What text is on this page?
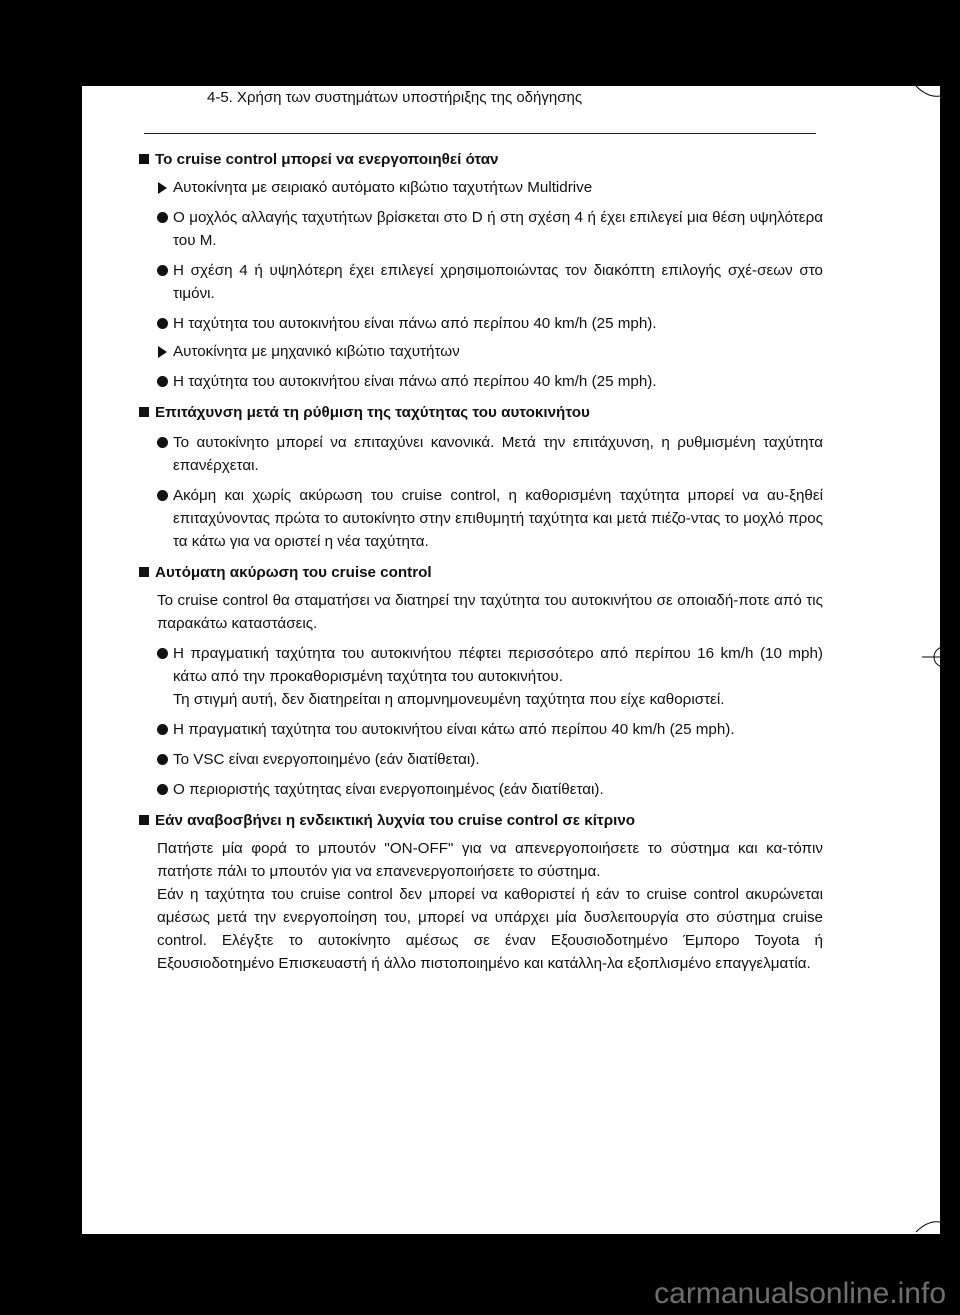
4-5. Χρήση των συστημάτων υποστήριξης της οδήγησης
Το cruise control μπορεί να ενεργοποιηθεί όταν
Αυτοκίνητα με σειριακό αυτόματο κιβώτιο ταχυτήτων Multidrive
Ο μοχλός αλλαγής ταχυτήτων βρίσκεται στο D ή στη σχέση 4 ή έχει επιλεγεί μια θέση υψηλότερα του M.
Η σχέση 4 ή υψηλότερη έχει επιλεγεί χρησιμοποιώντας τον διακόπτη επιλογής σχέ-σεων στο τιμόνι.
Η ταχύτητα του αυτοκινήτου είναι πάνω από περίπου 40 km/h (25 mph).
Αυτοκίνητα με μηχανικό κιβώτιο ταχυτήτων
Η ταχύτητα του αυτοκινήτου είναι πάνω από περίπου 40 km/h (25 mph).
Επιτάχυνση μετά τη ρύθμιση της ταχύτητας του αυτοκινήτου
Το αυτοκίνητο μπορεί να επιταχύνει κανονικά. Μετά την επιτάχυνση, η ρυθμισμένη ταχύτητα επανέρχεται.
Ακόμη και χωρίς ακύρωση του cruise control, η καθορισμένη ταχύτητα μπορεί να αυ-ξηθεί επιταχύνοντας πρώτα το αυτοκίνητο στην επιθυμητή ταχύτητα και μετά πιέζο-ντας το μοχλό προς τα κάτω για να οριστεί η νέα ταχύτητα.
Αυτόματη ακύρωση του cruise control
Το cruise control θα σταματήσει να διατηρεί την ταχύτητα του αυτοκινήτου σε οποιαδή-ποτε από τις παρακάτω καταστάσεις.
Η πραγματική ταχύτητα του αυτοκινήτου πέφτει περισσότερο από περίπου 16 km/h (10 mph) κάτω από την προκαθορισμένη ταχύτητα του αυτοκινήτου.
Τη στιγμή αυτή, δεν διατηρείται η απομνημονευμένη ταχύτητα που είχε καθοριστεί.
Η πραγματική ταχύτητα του αυτοκινήτου είναι κάτω από περίπου 40 km/h (25 mph).
Το VSC είναι ενεργοποιημένο (εάν διατίθεται).
Ο περιοριστής ταχύτητας είναι ενεργοποιημένος (εάν διατίθεται).
Εάν αναβοσβήνει η ενδεικτική λυχνία του cruise control σε κίτρινο
Πατήστε μία φορά το μπουτόν "ON-OFF" για να απενεργοποιήσετε το σύστημα και κα-τόπιν πατήστε πάλι το μπουτόν για να επανενεργοποιήσετε το σύστημα.
Εάν η ταχύτητα του cruise control δεν μπορεί να καθοριστεί ή εάν το cruise control ακυρώνεται αμέσως μετά την ενεργοποίηση του, μπορεί να υπάρχει μία δυσλειτουργία στο σύστημα cruise control. Ελέγξτε το αυτοκίνητο αμέσως σε έναν Εξουσιοδοτημένο Έμπορο Toyota ή Εξουσιοδοτημένο Επισκευαστή ή άλλο πιστοποιημένο και κατάλλη-λα εξοπλισμένο επαγγελματία.
carmanualsonline.info
